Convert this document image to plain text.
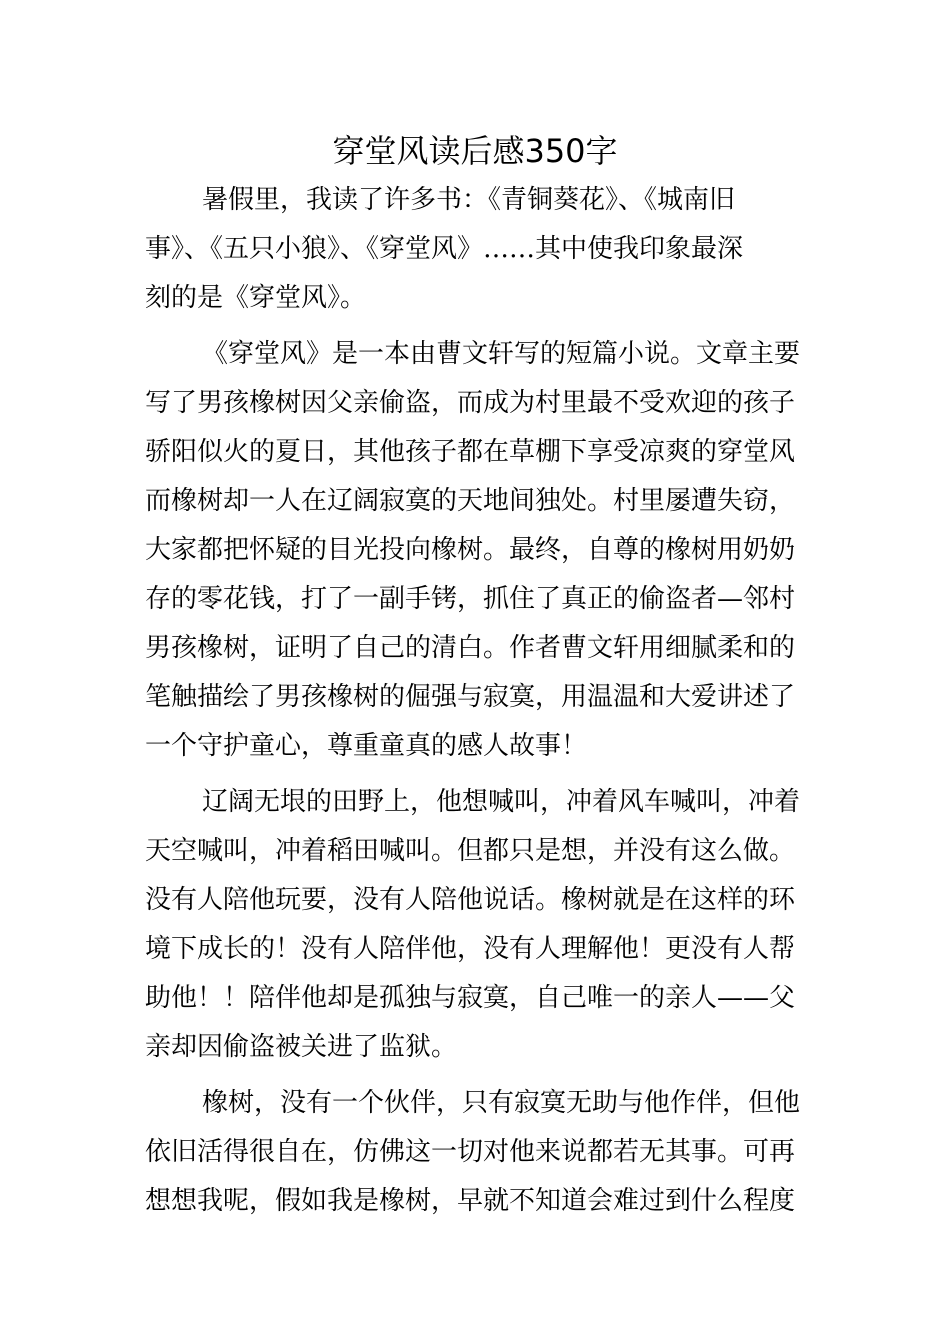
穿堂风读后感350字
暑假里，我读了许多书：《青铜葵花》、《城南旧
事》、《五只小狼》、《穿堂风》……其中使我印象最深
刻的是《穿堂风》。
《穿堂风》是一本由曹文轩写的短篇小说。文章主要
写了男孩橡树因父亲偷盗，而成为村里最不受欢迎的孩子
骄阳似火的夏日，其他孩子都在草棚下享受凉爽的穿堂风
而橡树却一人在辽阔寂寞的天地间独处。村里屡遭失窃，
大家都把怀疑的目光投向橡树。最终，自尊的橡树用奶奶
存的零花钱，打了一副手铐，抓住了真正的偷盗者—邻村
男孩橡树，证明了自己的清白。作者曹文轩用细腻柔和的
笔触描绘了男孩橡树的倔强与寂寞，用温温和大爱讲述了
一个守护童心，尊重童真的感人故事！
辽阔无垠的田野上，他想喊叫，冲着风车喊叫，冲着
天空喊叫，冲着稻田喊叫。但都只是想，并没有这么做。
没有人陪他玩要，没有人陪他说话。橡树就是在这样的环
境下成长的！没有人陪伴他，没有人理解他！更没有人帮
助他！！陪伴他却是孤独与寂寞，自己唯一的亲人——父
亲却因偷盗被关进了监狱。
橡树，没有一个伙伴，只有寂寞无助与他作伴，但他
依旧活得很自在，仿佛这一切对他来说都若无其事。可再
想想我呢，假如我是橡树，早就不知道会难过到什么程度
